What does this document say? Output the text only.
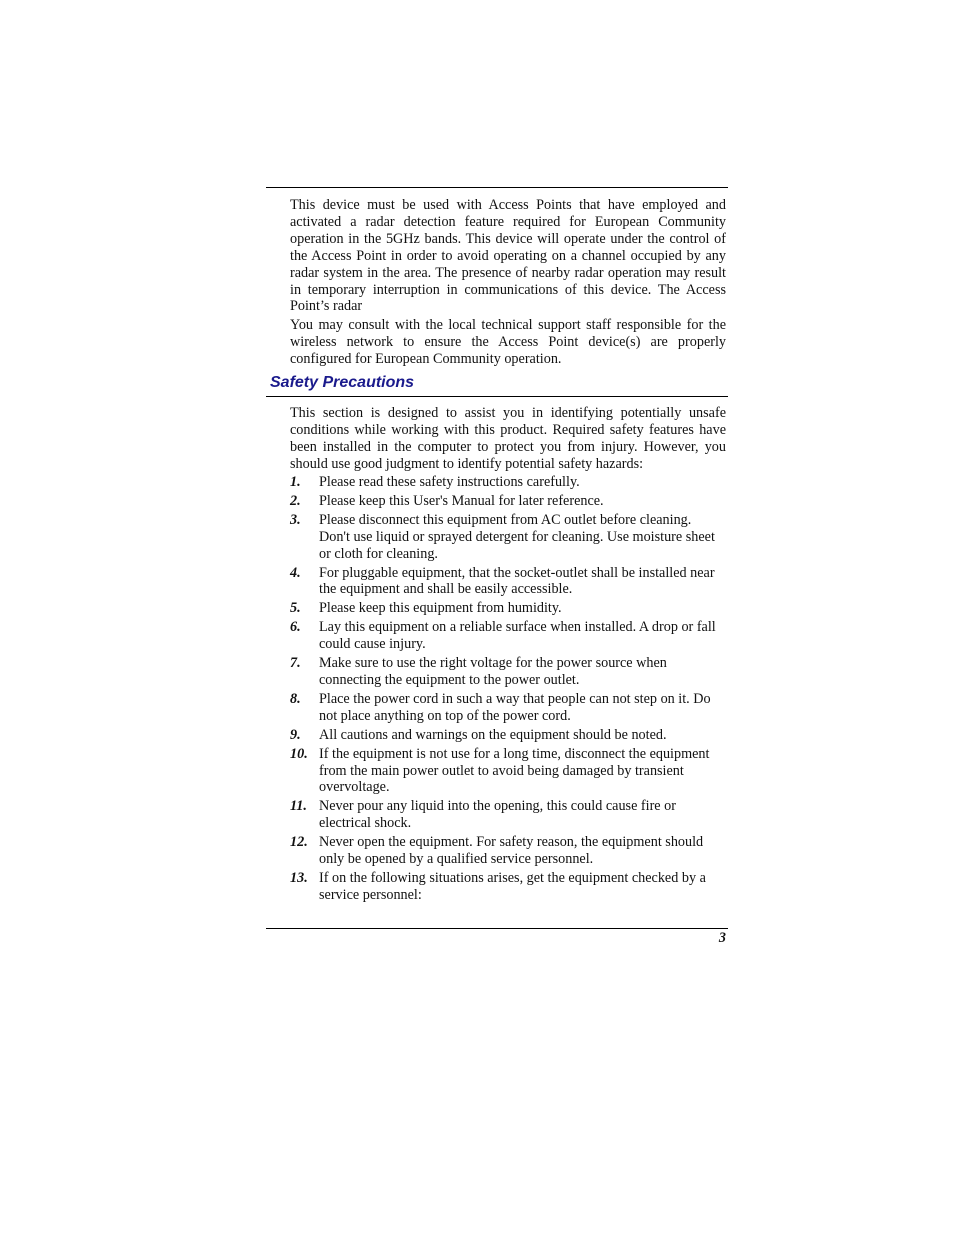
This device must be used with Access Points that have employed and activated a radar detection feature required for European Community operation in the 5GHz bands. This device will operate under the control of the Access Point in order to avoid operating on a channel occupied by any radar system in the area. The presence of nearby radar operation may result in temporary interruption in communications of this device. The Access Point’s radar

You may consult with the local technical support staff responsible for the wireless network to ensure the Access Point device(s) are properly configured for European Community operation.

Safety Precautions

This section is designed to assist you in identifying potentially unsafe conditions while working with this product. Required safety features have been installed in the computer to protect you from injury. However, you should use good judgment to identify potential safety hazards:

1.	Please read these safety instructions carefully.
2.	Please keep this User's Manual for later reference.
3.	Please disconnect this equipment from AC outlet before cleaning. Don't use liquid or sprayed detergent for cleaning. Use moisture sheet or cloth for cleaning.
4.	For pluggable equipment, that the socket-outlet shall be installed near the equipment and shall be easily accessible.
5.	Please keep this equipment from humidity.
6.	Lay this equipment on a reliable surface when installed. A drop or fall could cause injury.
7.	Make sure to use the right voltage for the power source when connecting the equipment to the power outlet.
8.	Place the power cord in such a way that people can not step on it. Do not place anything on top of the power cord.
9.	All cautions and warnings on the equipment should be noted.
10. If the equipment is not use for a long time, disconnect the equipment from the main power outlet to avoid being damaged by transient overvoltage.
11. Never pour any liquid into the opening, this could cause fire or electrical shock.
12. Never open the equipment. For safety reason, the equipment should only be opened by a qualified service personnel.
13. If on the following situations arises, get the equipment checked by a service personnel:
3
